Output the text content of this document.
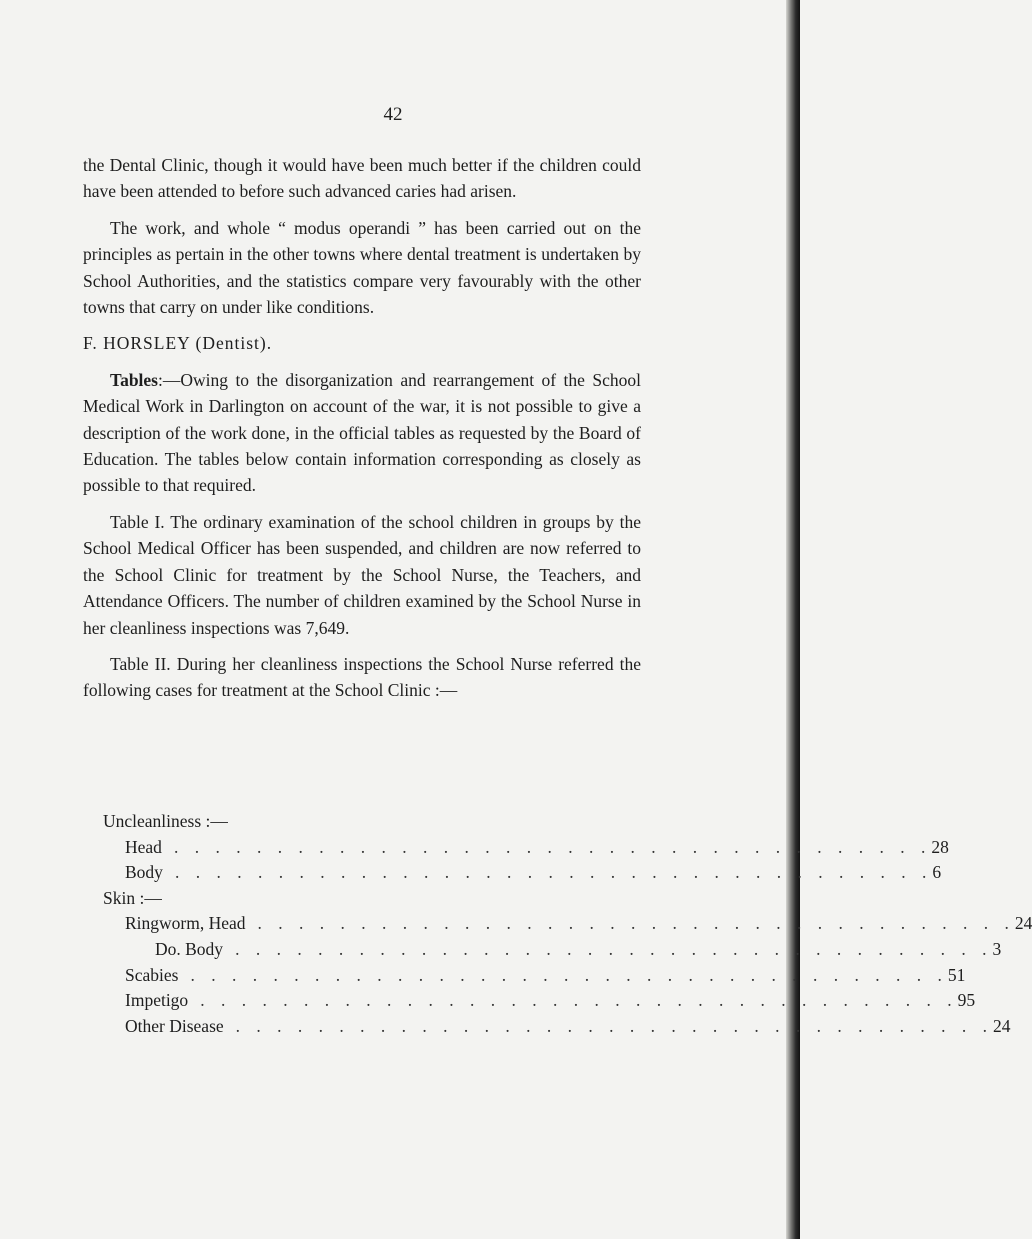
42

the Dental Clinic, though it would have been much better if the children could have been attended to before such advanced caries had arisen.

The work, and whole “ modus operandi ” has been carried out on the principles as pertain in the other towns where dental treatment is undertaken by School Authorities, and the statistics compare very favourably with the other towns that carry on under like conditions.

F. HORSLEY (Dentist).

Tables:—Owing to the disorganization and rearrangement of the School Medical Work in Darlington on account of the war, it is not possible to give a description of the work done, in the official tables as requested by the Board of Education. The tables below contain information corresponding as closely as possible to that required.

Table I. The ordinary examination of the school children in groups by the School Medical Officer has been suspended, and children are now referred to the School Clinic for treatment by the School Nurse, the Teachers, and Attendance Officers. The number of children examined by the School Nurse in her cleanliness inspections was 7,649.

Table II. During her cleanliness inspections the School Nurse referred the following cases for treatment at the School Clinic :—

Uncleanliness :—
Head . . . . . . . . . . . . . . . . . . . . . . . . . . . . . . . . . . . . . 28
Body . . . . . . . . . . . . . . . . . . . . . . . . . . . . . . . . . . . . . 6
Skin :—
Ringworm, Head . . . . . . . . . . . . . . . . . . . . . . . . . . . . . . . . . . . . . 24
Do. Body . . . . . . . . . . . . . . . . . . . . . . . . . . . . . . . . . . . . . 3
Scabies . . . . . . . . . . . . . . . . . . . . . . . . . . . . . . . . . . . . . 51
Impetigo . . . . . . . . . . . . . . . . . . . . . . . . . . . . . . . . . . . . . 95
Other Disease . . . . . . . . . . . . . . . . . . . . . . . . . . . . . . . . . . . . . 24
